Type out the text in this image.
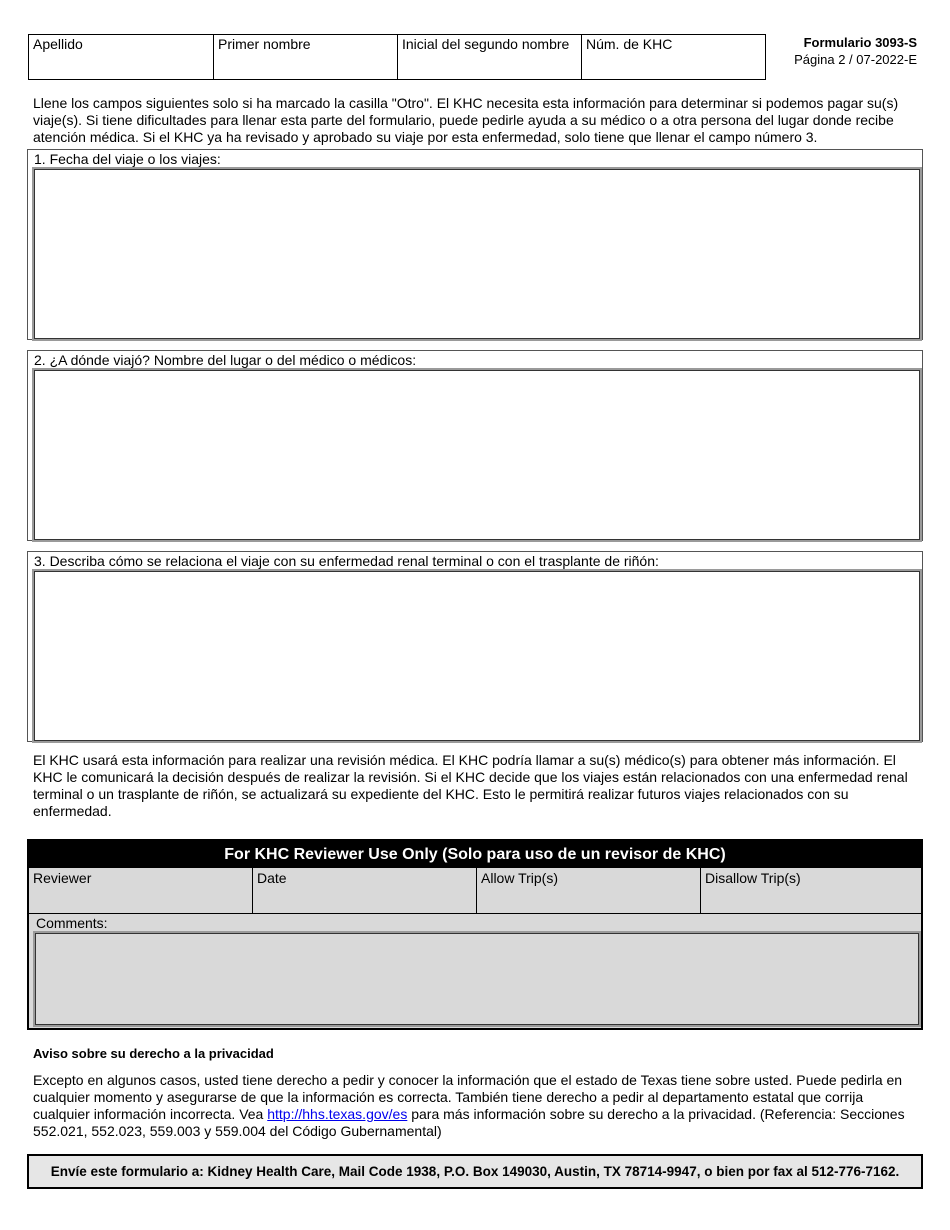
Apellido	Primer nombre	Inicial del segundo nombre	Núm. de KHC	Formulario 3093-S
Página 2 / 07-2022-E
Llene los campos siguientes solo si ha marcado la casilla "Otro". El KHC necesita esta información para determinar si podemos pagar su(s) viaje(s). Si tiene dificultades para llenar esta parte del formulario, puede pedirle ayuda a su médico o a otra persona del lugar donde recibe atención médica. Si el KHC ya ha revisado y aprobado su viaje por esta enfermedad, solo tiene que llenar el campo número 3.
1. Fecha del viaje o los viajes:
2. ¿A dónde viajó? Nombre del lugar o del médico o médicos:
3. Describa cómo se relaciona el viaje con su enfermedad renal terminal o con el trasplante de riñón:
El KHC usará esta información para realizar una revisión médica. El KHC podría llamar a su(s) médico(s) para obtener más información. El KHC le comunicará la decisión después de realizar la revisión. Si el KHC decide que los viajes están relacionados con una enfermedad renal terminal o un trasplante de riñón, se actualizará su expediente del KHC. Esto le permitirá realizar futuros viajes relacionados con su enfermedad.
For KHC Reviewer Use Only (Solo para uso de un revisor de KHC)
Reviewer	Date	Allow Trip(s)	Disallow Trip(s)
Comments:
Aviso sobre su derecho a la privacidad
Excepto en algunos casos, usted tiene derecho a pedir y conocer la información que el estado de Texas tiene sobre usted. Puede pedirla en cualquier momento y asegurarse de que la información es correcta. También tiene derecho a pedir al departamento estatal que corrija cualquier información incorrecta. Vea http://hhs.texas.gov/es para más información sobre su derecho a la privacidad. (Referencia: Secciones 552.021, 552.023, 559.003 y 559.004 del Código Gubernamental)
Envíe este formulario a: Kidney Health Care, Mail Code 1938, P.O. Box 149030, Austin, TX 78714-9947, o bien por fax al 512-776-7162.
